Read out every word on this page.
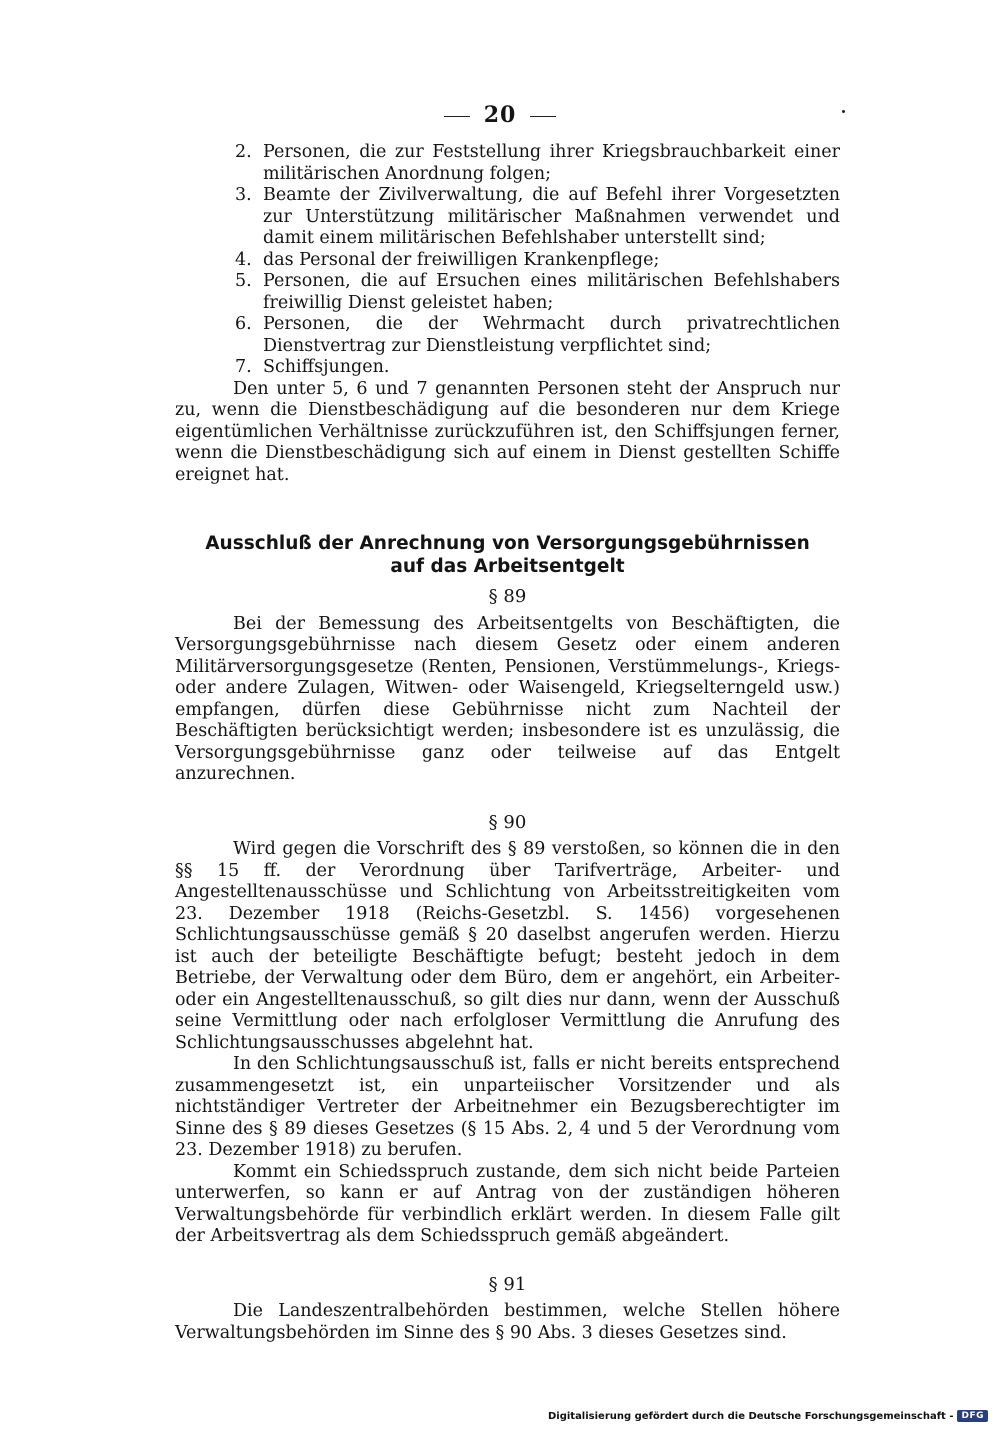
20
2. Personen, die zur Feststellung ihrer Kriegsbrauchbarkeit einer militärischen Anordnung folgen;
3. Beamte der Zivilverwaltung, die auf Befehl ihrer Vorgesetzten zur Unterstützung militärischer Maßnahmen verwendet und damit einem militärischen Befehlshaber unterstellt sind;
4. das Personal der freiwilligen Krankenpflege;
5. Personen, die auf Ersuchen eines militärischen Befehlshabers freiwillig Dienst geleistet haben;
6. Personen, die der Wehrmacht durch privatrechtlichen Dienstvertrag zur Dienstleistung verpflichtet sind;
7. Schiffsjungen.

Den unter 5, 6 und 7 genannten Personen steht der Anspruch nur zu, wenn die Dienstbeschädigung auf die besonderen nur dem Kriege eigentümlichen Verhältnisse zurückzuführen ist, den Schiffsjungen ferner, wenn die Dienstbeschädigung sich auf einem in Dienst gestellten Schiffe ereignet hat.

Ausschluß der Anrechnung von Versorgungsgebührnissen auf das Arbeitsentgelt
§ 89

Bei der Bemessung des Arbeitsentgelts von Beschäftigten, die Versorgungsgebührnisse nach diesem Gesetz oder einem anderen Militärversorgungsgesetze (Renten, Pensionen, Verstümmelungs-, Kriegs- oder andere Zulagen, Witwen- oder Waisengeld, Kriegselterngeld usw.) empfangen, dürfen diese Gebührnisse nicht zum Nachteil der Beschäftigten berücksichtigt werden; insbesondere ist es unzulässig, die Versorgungsgebührnisse ganz oder teilweise auf das Entgelt anzurechnen.

§ 90

Wird gegen die Vorschrift des § 89 verstoßen, so können die in den §§ 15 ff. der Verordnung über Tarifverträge, Arbeiter- und Angestelltenausschüsse und Schlichtung von Arbeitsstreitigkeiten vom 23. Dezember 1918 (Reichs-Gesetzbl. S. 1456) vorgesehenen Schlichtungsausschüsse gemäß § 20 daselbst angerufen werden. Hierzu ist auch der beteiligte Beschäftigte befugt; besteht jedoch in dem Betriebe, der Verwaltung oder dem Büro, dem er angehört, ein Arbeiter- oder ein Angestelltenausschuß, so gilt dies nur dann, wenn der Ausschuß seine Vermittlung oder nach erfolgloser Vermittlung die Anrufung des Schlichtungsausschusses abgelehnt hat.

In den Schlichtungsausschuß ist, falls er nicht bereits entsprechend zusammengesetzt ist, ein unparteiischer Vorsitzender und als nichtständiger Vertreter der Arbeitnehmer ein Bezugsberechtigter im Sinne des § 89 dieses Gesetzes (§ 15 Abs. 2, 4 und 5 der Verordnung vom 23. Dezember 1918) zu berufen.

Kommt ein Schiedsspruch zustande, dem sich nicht beide Parteien unterwerfen, so kann er auf Antrag von der zuständigen höheren Verwaltungsbehörde für verbindlich erklärt werden. In diesem Falle gilt der Arbeitsvertrag als dem Schiedsspruch gemäß abgeändert.

§ 91

Die Landeszentralbehörden bestimmen, welche Stellen höhere Verwaltungsbehörden im Sinne des § 90 Abs. 3 dieses Gesetzes sind.

Digitalisierung gefördert durch die Deutsche Forschungsgemeinschaft - DFG
